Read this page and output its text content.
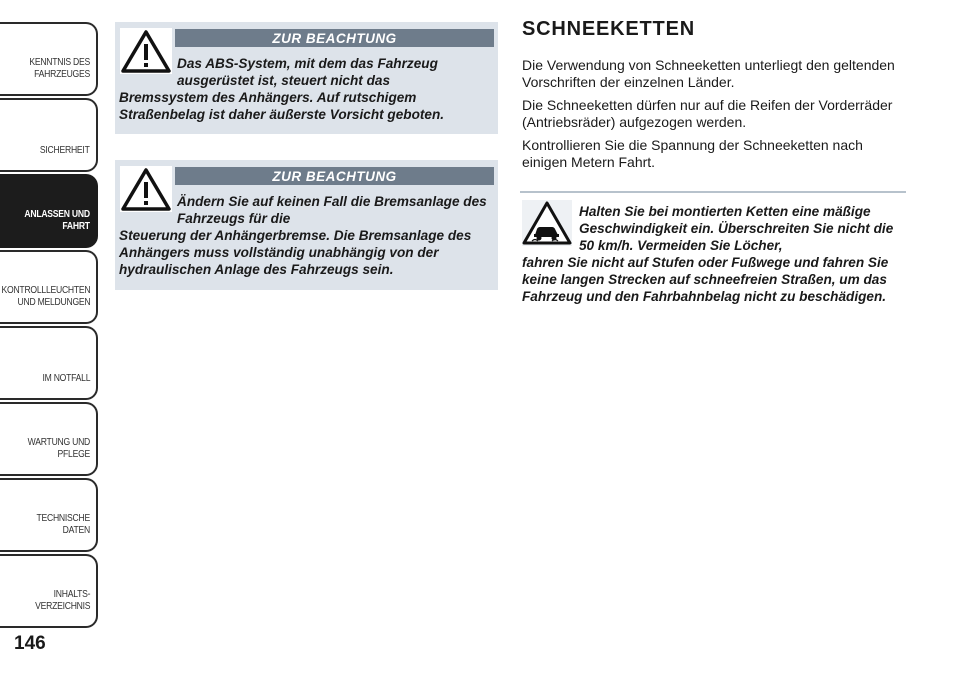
KENNTNIS DES
FAHRZEUGES
SICHERHEIT
ANLASSEN UND
FAHRT
KONTROLLLEUCHTEN
UND MELDUNGEN
IM NOTFALL
WARTUNG UND
PFLEGE
TECHNISCHE DATEN
INHALTS-
VERZEICHNIS
146
ZUR BEACHTUNG
Das ABS-System, mit dem das Fahrzeug ausgerüstet ist, steuert nicht das
Bremssystem des Anhängers. Auf rutschigem Straßenbelag ist daher äußerste Vorsicht geboten.
ZUR BEACHTUNG
Ändern Sie auf keinen Fall die Bremsanlage des Fahrzeugs für die
Steuerung der Anhängerbremse. Die Bremsanlage des Anhängers muss vollständig unabhängig von der hydraulischen Anlage des Fahrzeugs sein.
SCHNEEKETTEN

Die Verwendung von Schneeketten unterliegt den geltenden Vorschriften der einzelnen Länder.

Die Schneeketten dürfen nur auf die Reifen der Vorderräder (Antriebsräder) aufgezogen werden.

Kontrollieren Sie die Spannung der Schneeketten nach einigen Metern Fahrt.

Halten Sie bei montierten Ketten eine mäßige Geschwindigkeit ein. Überschreiten Sie nicht die 50 km/h. Vermeiden Sie Löcher,
fahren Sie nicht auf Stufen oder Fußwege und fahren Sie keine langen Strecken auf schneefreien Straßen, um das Fahrzeug und den Fahrbahnbelag nicht zu beschädigen.
